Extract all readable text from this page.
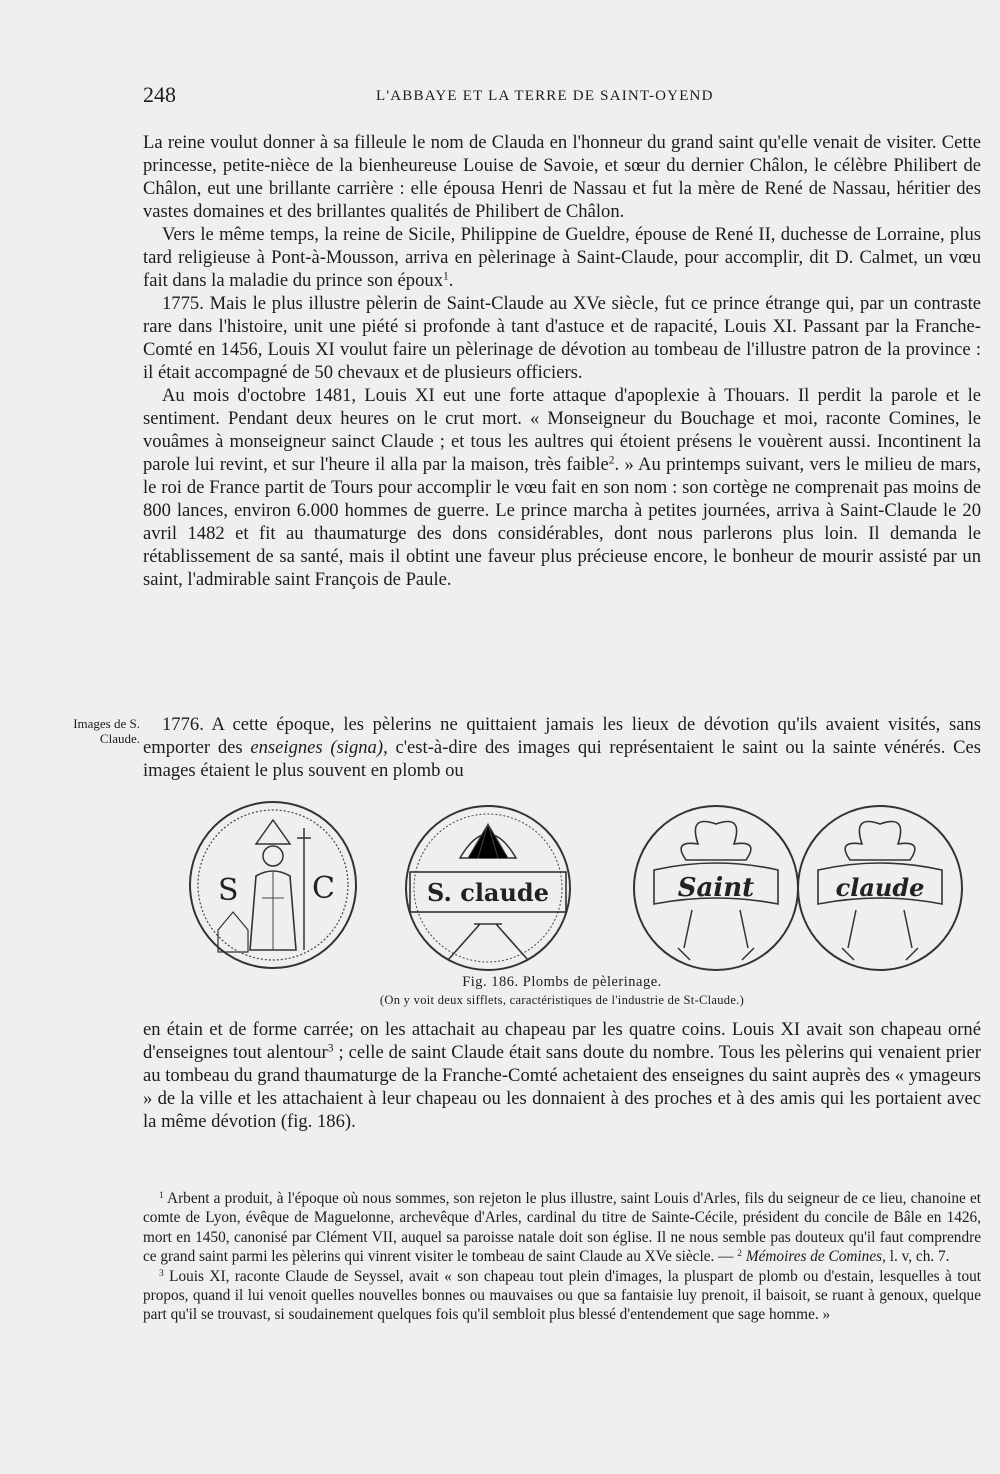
248	L'ABBAYE ET LA TERRE DE SAINT-OYEND

La reine voulut donner à sa filleule le nom de Clauda en l'honneur du grand saint qu'elle venait de visiter. Cette princesse, petite-nièce de la bienheureuse Louise de Savoie, et sœur du dernier Châlon, le célèbre Philibert de Châlon, eut une brillante carrière : elle épousa Henri de Nassau et fut la mère de René de Nassau, héritier des vastes domaines et des brillantes qualités de Philibert de Châlon.

Vers le même temps, la reine de Sicile, Philippine de Gueldre, épouse de René II, duchesse de Lorraine, plus tard religieuse à Pont-à-Mousson, arriva en pèlerinage à Saint-Claude, pour accomplir, dit D. Calmet, un vœu fait dans la maladie du prince son époux$^1$.

1775. Mais le plus illustre pèlerin de Saint-Claude au XVe siècle, fut ce prince étrange qui, par un contraste rare dans l'histoire, unit une piété si profonde à tant d'astuce et de rapacité, Louis XI. Passant par la Franche-Comté en 1456, Louis XI voulut faire un pèlerinage de dévotion au tombeau de l'illustre patron de la province : il était accompagné de 50 chevaux et de plusieurs officiers.

Au mois d'octobre 1481, Louis XI eut une forte attaque d'apoplexie à Thouars. Il perdit la parole et le sentiment. Pendant deux heures on le crut mort. « Monseigneur du Bouchage et moi, raconte Comines, le vouâmes à monseigneur sainct Claude ; et tous les aultres qui étoient présens le vouèrent aussi. Incontinent la parole lui revint, et sur l'heure il alla par la maison, très faible$^2$. » Au printemps suivant, vers le milieu de mars, le roi de France partit de Tours pour accomplir le vœu fait en son nom : son cortège ne comprenait pas moins de 800 lances, environ 6.000 hommes de guerre. Le prince marcha à petites journées, arriva à Saint-Claude le 20 avril 1482 et fit au thaumaturge des dons considérables, dont nous parlerons plus loin. Il demanda le rétablissement de sa santé, mais il obtint une faveur plus précieuse encore, le bonheur de mourir assisté par un saint, l'admirable saint François de Paule.

Images de S. Claude.

1776. A cette époque, les pèlerins ne quittaient jamais les lieux de dévotion qu'ils avaient visités, sans emporter des enseignes (signa), c'est-à-dire des images qui représentaient le saint ou la sainte vénérés. Ces images étaient le plus souvent en plomb ou

S C	S. claude	Saint	claude
Fig. 186. Plombs de pèlerinage.
(On y voit deux sifflets, caractéristiques de l'industrie de St-Claude.)

en étain et de forme carrée; on les attachait au chapeau par les quatre coins. Louis XI avait son chapeau orné d'enseignes tout alentour$^3$ ; celle de saint Claude était sans doute du nombre. Tous les pèlerins qui venaient prier au tombeau du grand thaumaturge de la Franche-Comté achetaient des enseignes du saint auprès des « ymageurs » de la ville et les attachaient à leur chapeau ou les donnaient à des proches et à des amis qui les portaient avec la même dévotion (fig. 186).

$^1$ Arbent a produit, à l'époque où nous sommes, son rejeton le plus illustre, saint Louis d'Arles, fils du seigneur de ce lieu, chanoine et comte de Lyon, évêque de Maguelonne, archevêque d'Arles, cardinal du titre de Sainte-Cécile, président du concile de Bâle en 1426, mort en 1450, canonisé par Clément VII, auquel sa paroisse natale doit son église. Il ne nous semble pas douteux qu'il faut comprendre ce grand saint parmi les pèlerins qui vinrent visiter le tombeau de saint Claude au XVe siècle. — $^2$ Mémoires de Comines, l. v, ch. 7.

$^3$ Louis XI, raconte Claude de Seyssel, avait « son chapeau tout plein d'images, la pluspart de plomb ou d'estain, lesquelles à tout propos, quand il lui venoit quelles nouvelles bonnes ou mauvaises ou que sa fantaisie luy prenoit, il baisoit, se ruant à genoux, quelque part qu'il se trouvast, si soudainement quelques fois qu'il sembloit plus blessé d'entendement que sage homme. »
